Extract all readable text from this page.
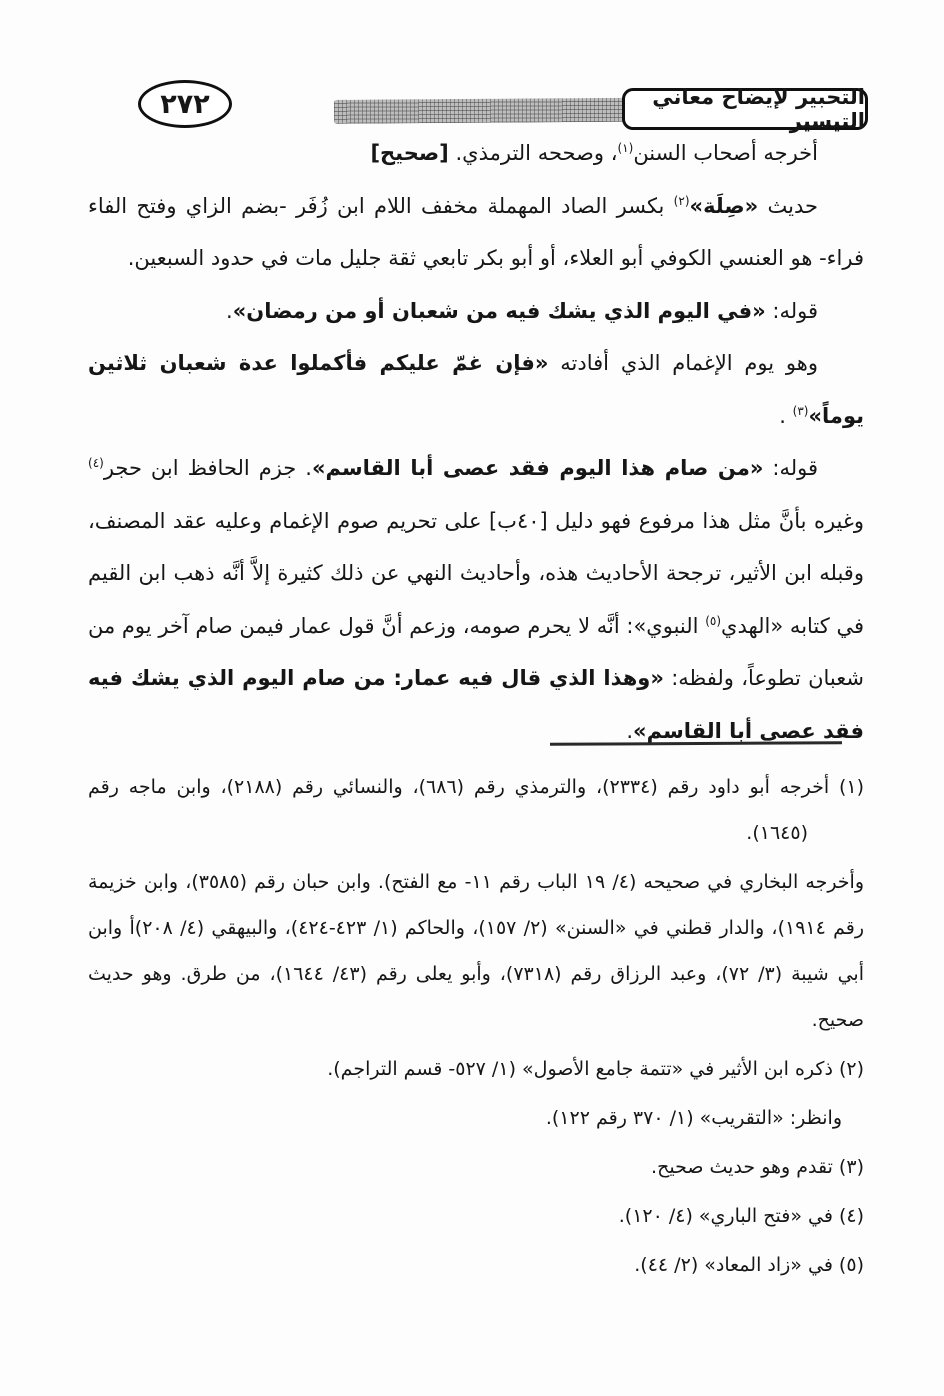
التحبير لإيضاح معاني التيسير
٢٧٢

أخرجه أصحاب السنن$^{(١)}$، وصححه الترمذي. [صحيح]

حديث «صِلَة»$^{(٢)}$ بكسر الصاد المهملة مخفف اللام ابن زُفَر -بضم الزاي وفتح الفاء فراء- هو العنسي الكوفي أبو العلاء، أو أبو بكر تابعي ثقة جليل مات في حدود السبعين.

قوله: «في اليوم الذي يشك فيه من شعبان أو من رمضان».

وهو يوم الإغمام الذي أفادته «فإن غمّ عليكم فأكملوا عدة شعبان ثلاثين يوماً»$^{(٣)}$ .

قوله: «من صام هذا اليوم فقد عصى أبا القاسم». جزم الحافظ ابن حجر$^{(٤)}$ وغيره بأنَّ مثل هذا مرفوع فهو دليل [٤٠ب] على تحريم صوم الإغمام وعليه عقد المصنف، وقبله ابن الأثير، ترجحة الأحاديث هذه، وأحاديث النهي عن ذلك كثيرة إلاَّ أنَّه ذهب ابن القيم في كتابه «الهدي$^{(٥)}$ النبوي»: أنَّه لا يحرم صومه، وزعم أنَّ قول عمار فيمن صام آخر يوم من شعبان تطوعاً، ولفظه: «وهذا الذي قال فيه عمار: من صام اليوم الذي يشك فيه فقد عصى أبا القاسم».

(١) أخرجه أبو داود رقم (٢٣٣٤)، والترمذي رقم (٦٨٦)، والنسائي رقم (٢١٨٨)، وابن ماجه رقم (١٦٤٥).

وأخرجه البخاري في صحيحه (٤/ ١٩ الباب رقم ١١- مع الفتح). وابن حبان رقم (٣٥٨٥)، وابن خزيمة رقم ١٩١٤)، والدار قطني في «السنن» (٢/ ١٥٧)، والحاكم (١/ ٤٢٣-٤٢٤)، والبيهقي (٤/ ٢٠٨)أ وابن أبي شيبة (٣/ ٧٢)، وعبد الرزاق رقم (٧٣١٨)، وأبو يعلى رقم (٤٣/ ١٦٤٤)، من طرق. وهو حديث صحيح.

(٢) ذكره ابن الأثير في «تتمة جامع الأصول» (١/ ٥٢٧- قسم التراجم).

وانظر: «التقريب» (١/ ٣٧٠ رقم ١٢٢).

(٣) تقدم وهو حديث صحيح.

(٤) في «فتح الباري» (٤/ ١٢٠).

(٥) في «زاد المعاد» (٢/ ٤٤).
